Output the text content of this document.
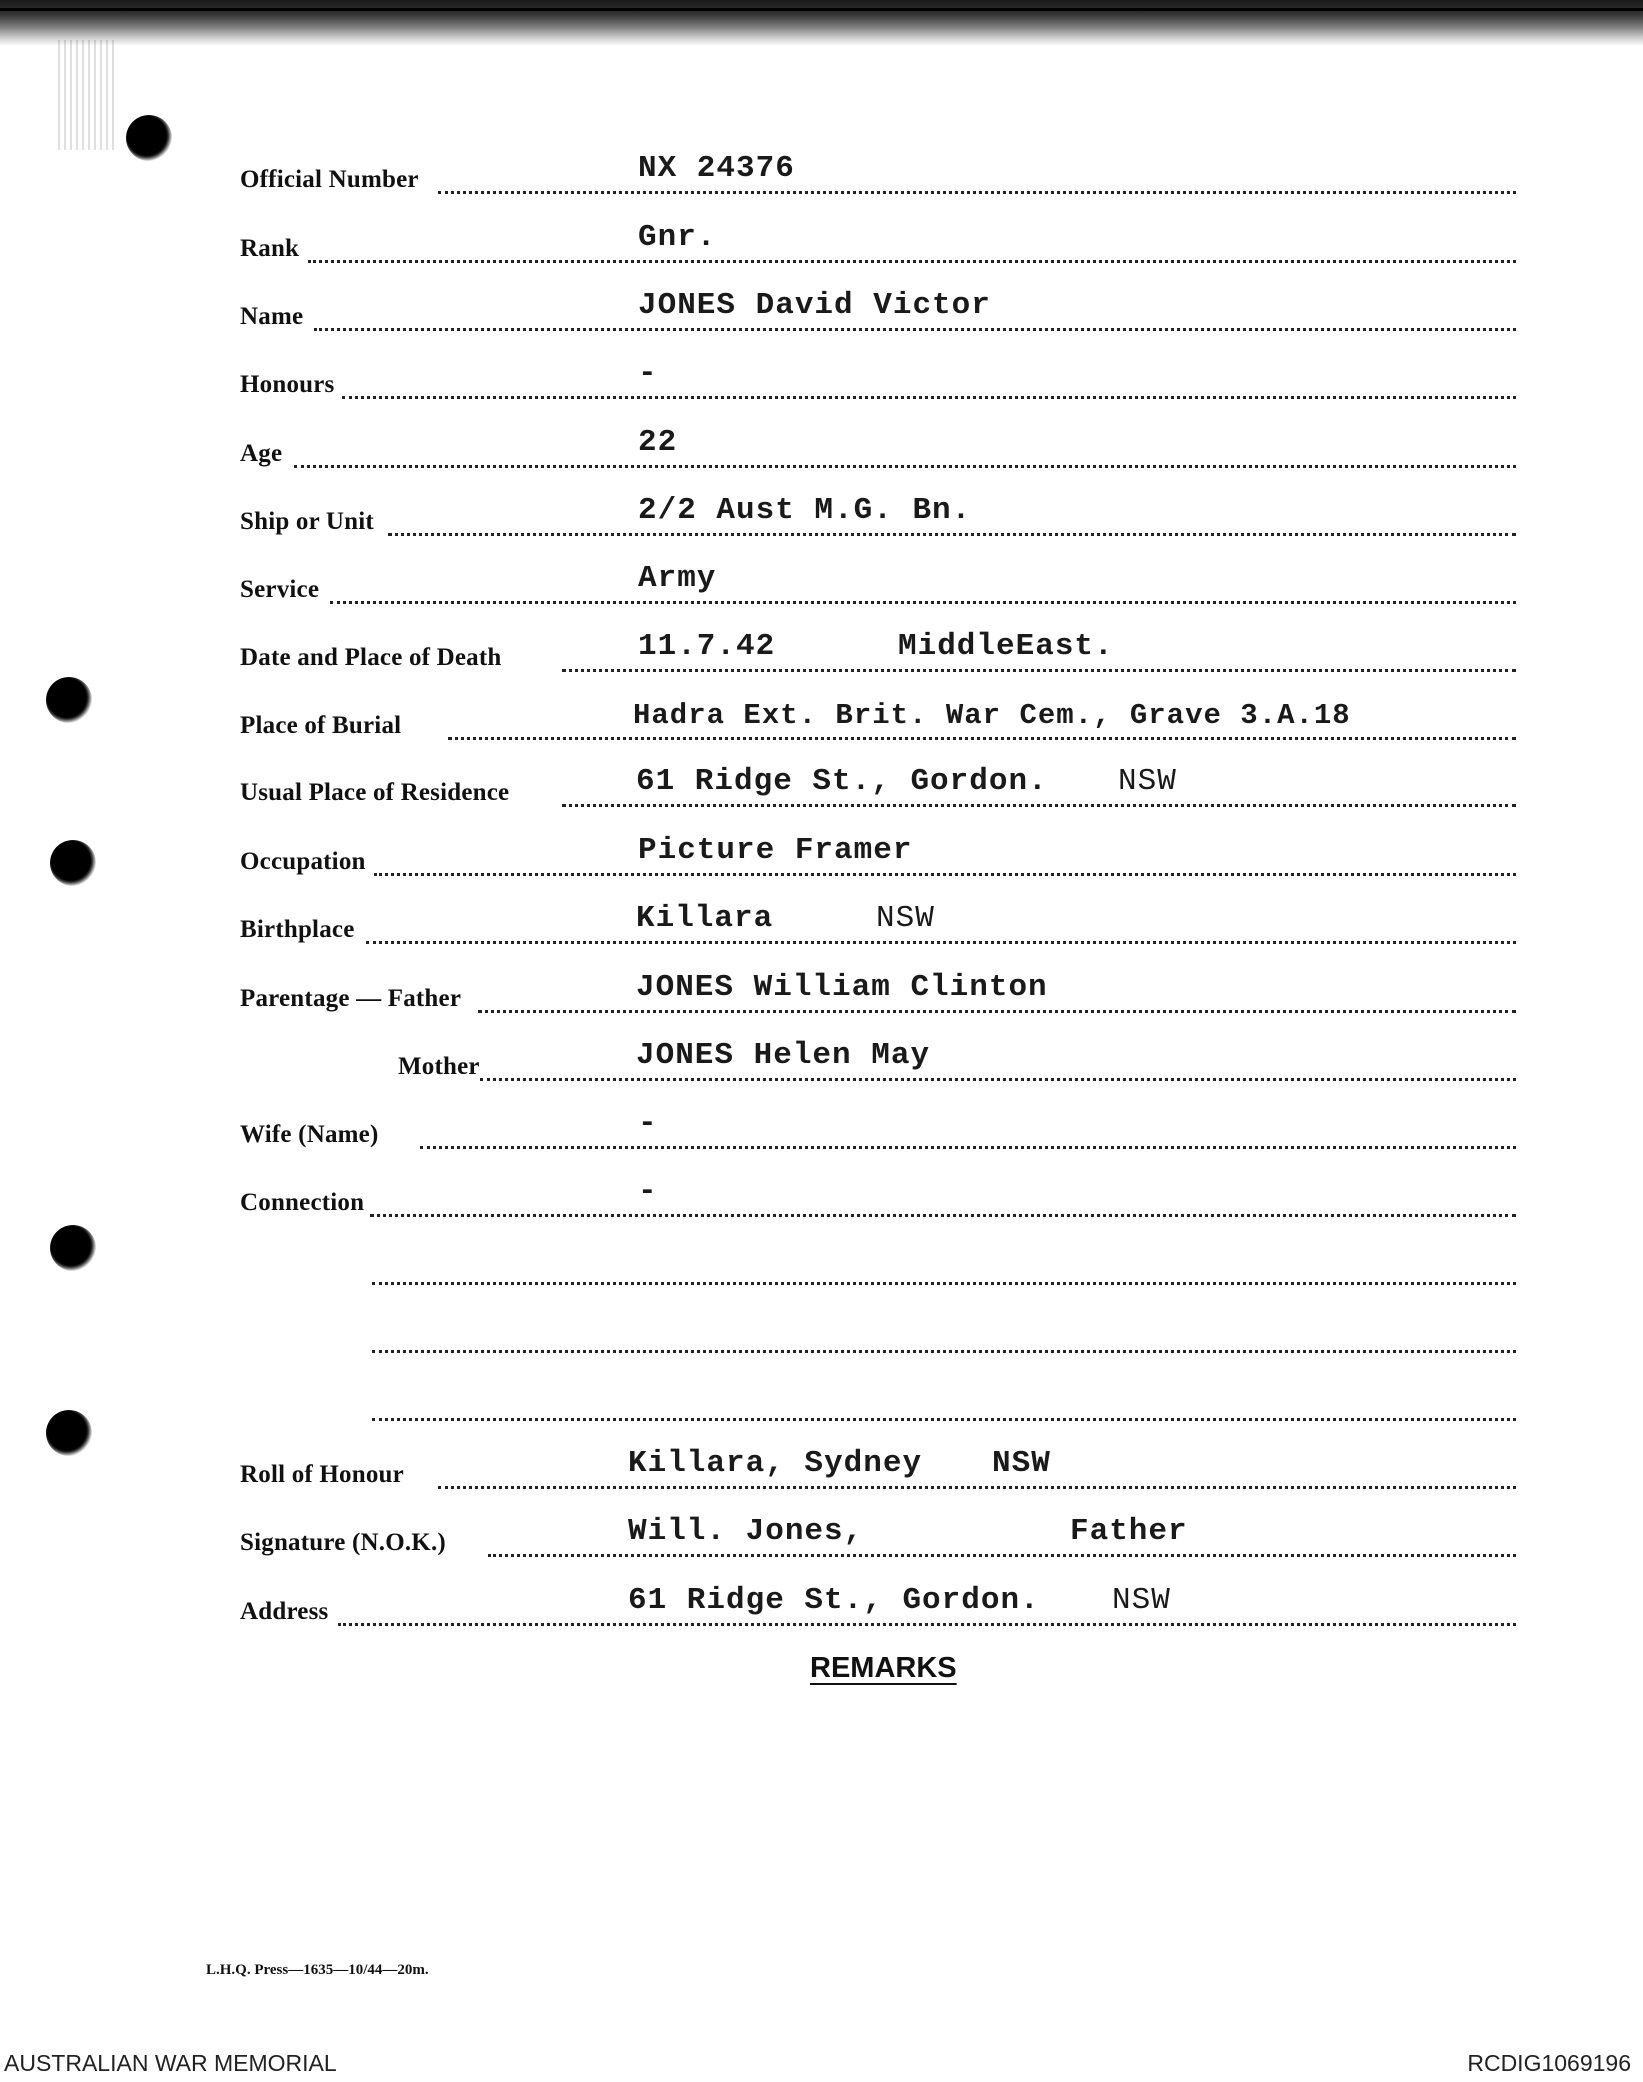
Official Number	NX 24376
Rank	Gnr.
Name	JONES David Victor
Honours	-
Age	22
Ship or Unit	2/2 Aust M.G. Bn.
Service	Army
Date and Place of Death	11.7.42	MiddleEast.
Place of Burial	Hadra Ext. Brit. War Cem., Grave 3.A.18
Usual Place of Residence	61 Ridge St., Gordon. NSW
Occupation	Picture Framer
Birthplace	Killara	NSW
Parentage — Father	JONES William Clinton
Mother	JONES Helen May
Wife (Name)	-
Connection	-
Roll of Honour	Killara, Sydney NSW
Signature (N.O.K.)	Will. Jones,	Father
Address	61 Ridge St., Gordon. NSW
REMARKS
L.H.Q. Press—1635—10/44—20m.
AUSTRALIAN WAR MEMORIAL	RCDIG1069196
